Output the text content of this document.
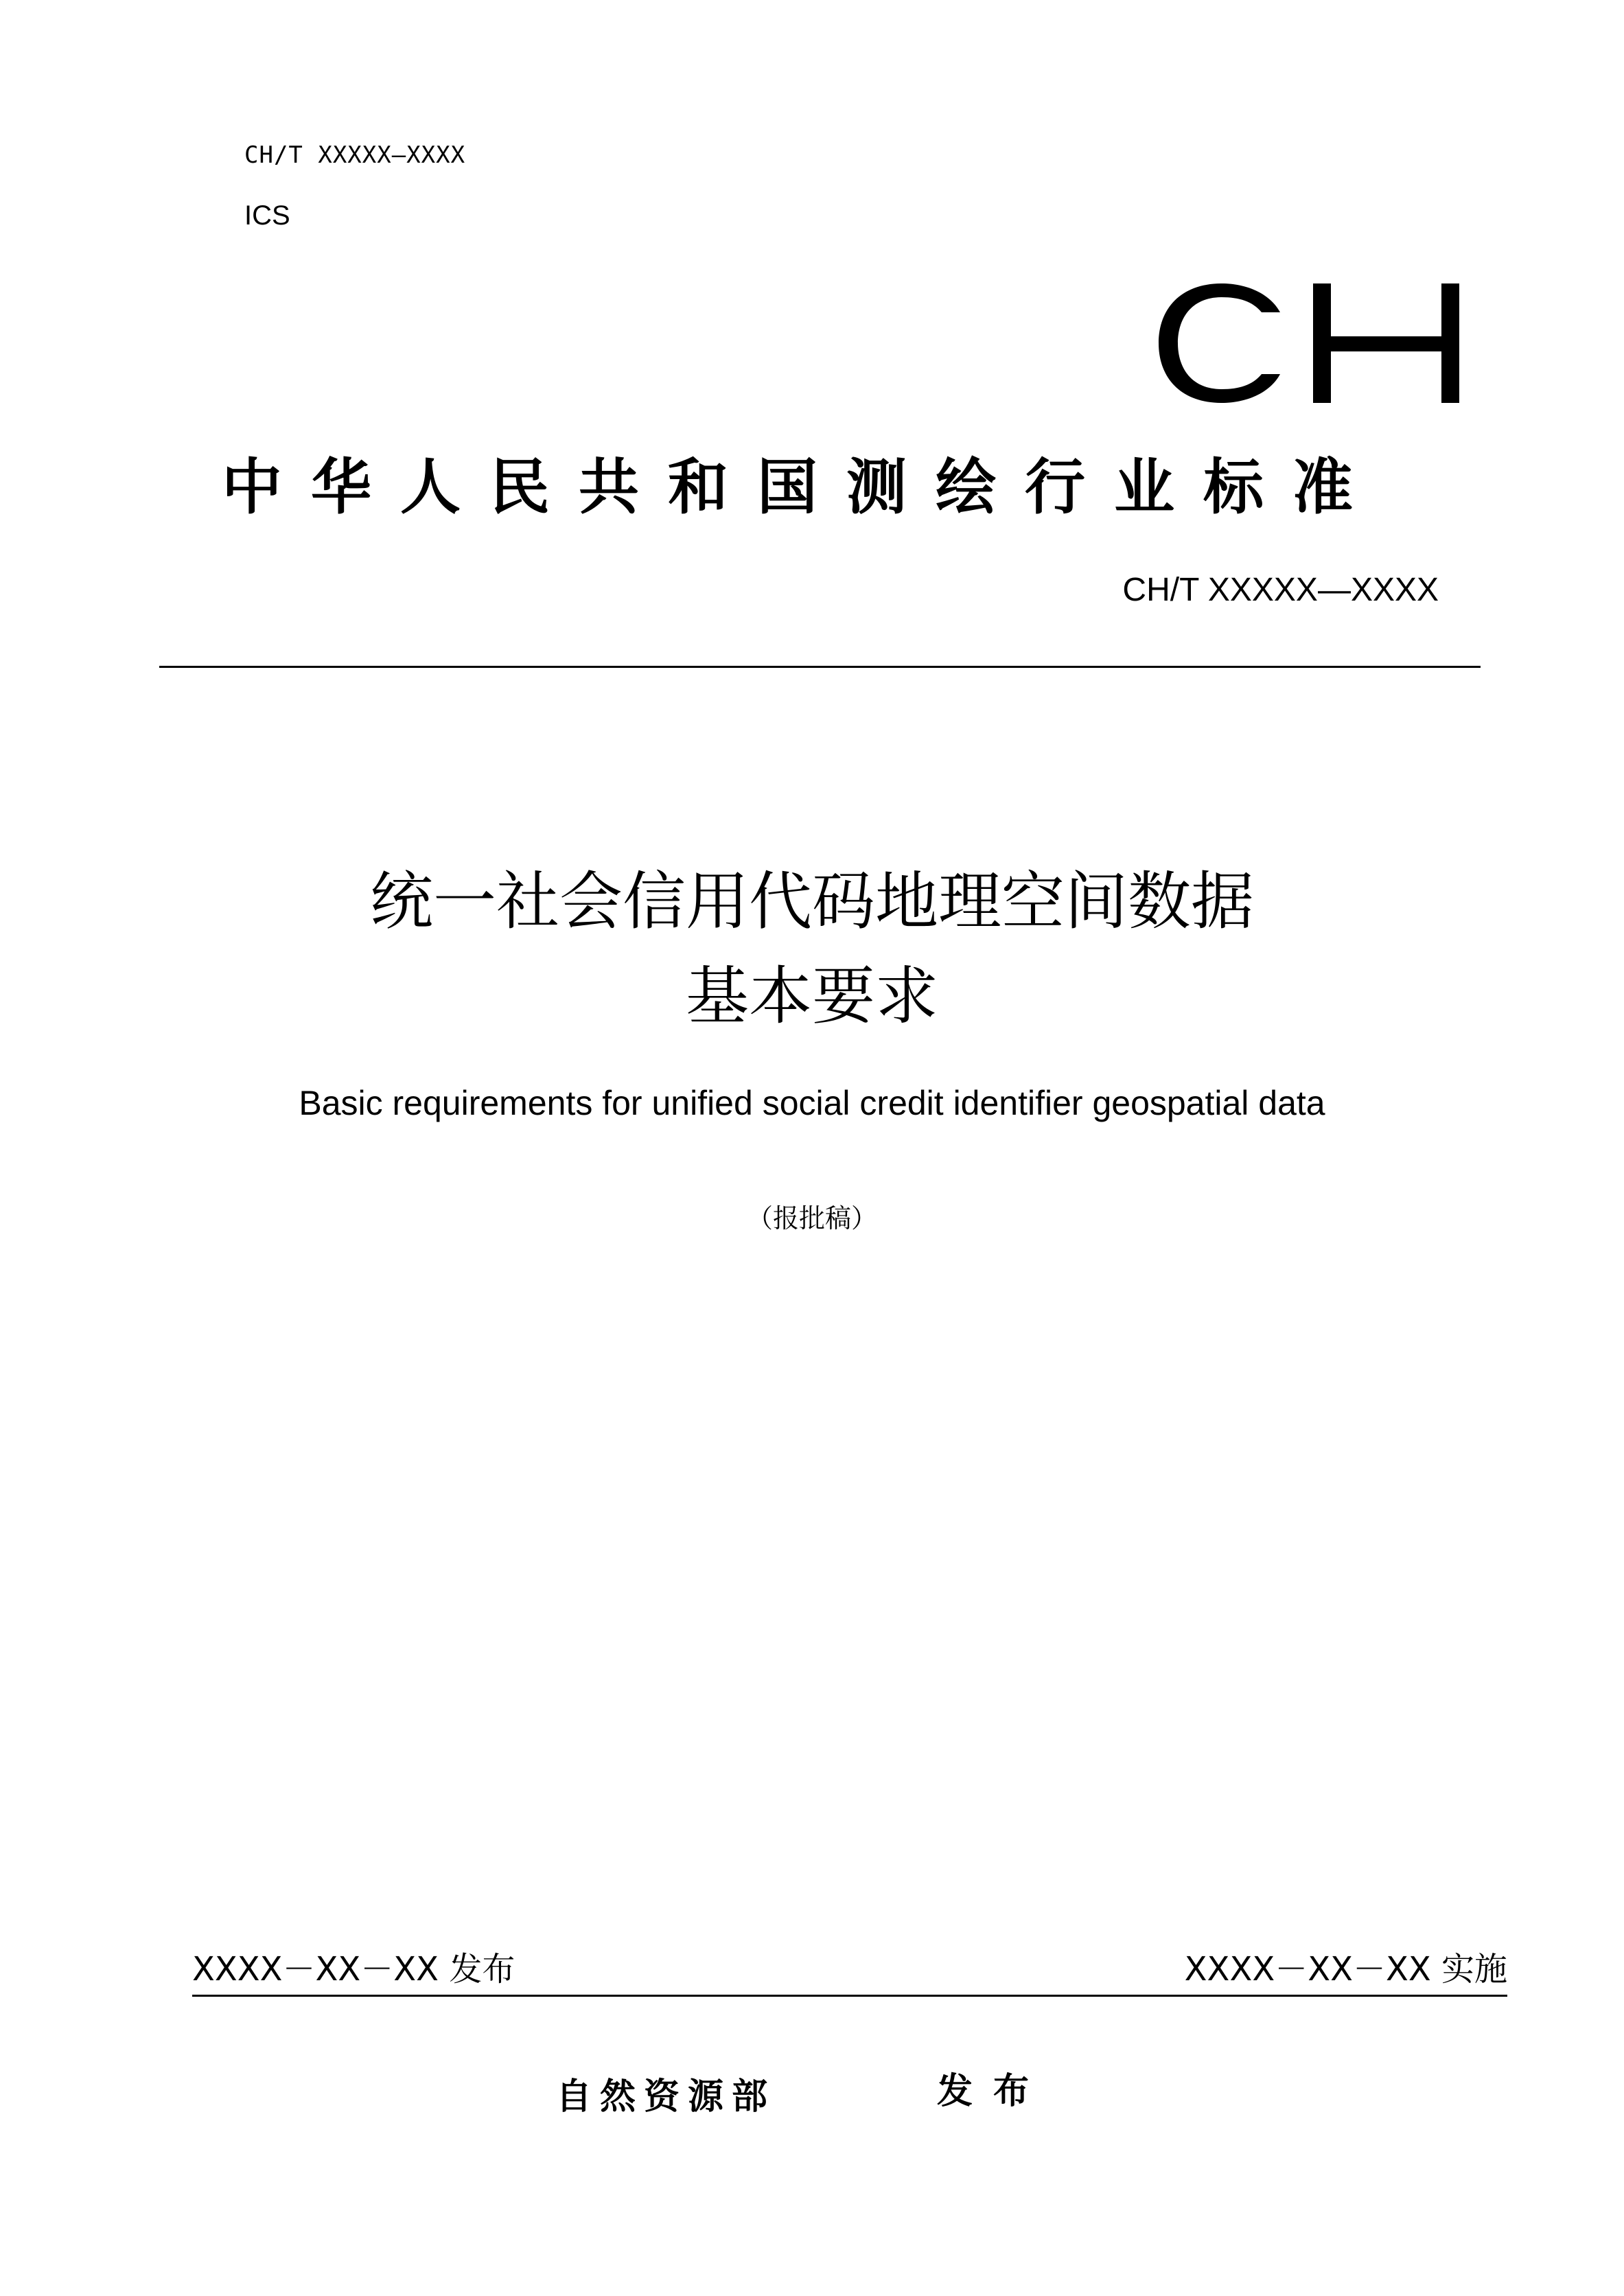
CH/T XXXXX—XXXX
ICS
中华人民共和国测绘行业标准
CH/T XXXXX—XXXX
统一社会信用代码地理空间数据
基本要求
Basic requirements for unified social credit identifier geospatial data
（报批稿）
XXXX－XX－XX 发布	XXXX－XX－XX 实施
自然资源部	发布
